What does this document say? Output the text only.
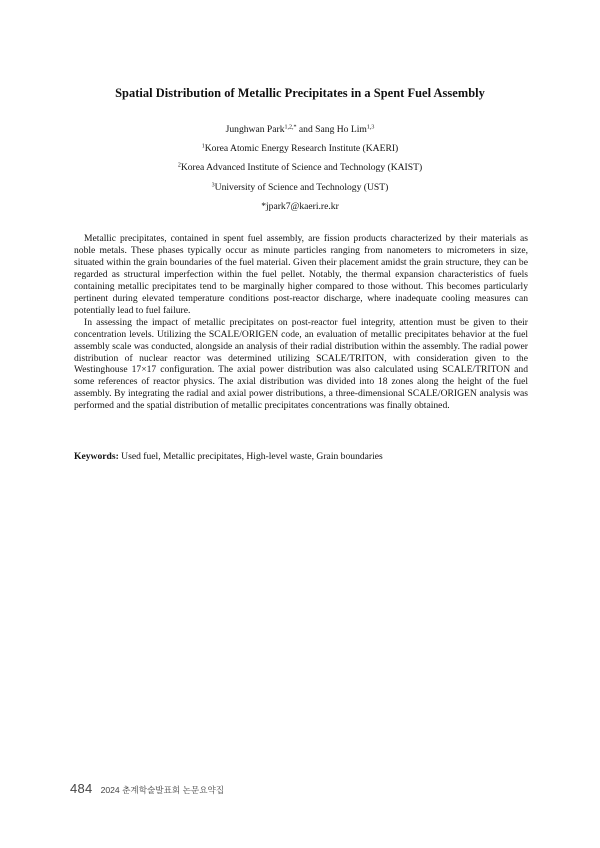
Spatial Distribution of Metallic Precipitates in a Spent Fuel Assembly
Junghwan Park$^{1,2,*}$ and Sang Ho Lim$^{1,3}$
$^1$Korea Atomic Energy Research Institute (KAERI)
$^2$Korea Advanced Institute of Science and Technology (KAIST)
$^3$University of Science and Technology (UST)
*jpark7@kaeri.re.kr

Metallic precipitates, contained in spent fuel assembly, are fission products characterized by their materials as noble metals. These phases typically occur as minute particles ranging from nanometers to micrometers in size, situated within the grain boundaries of the fuel material. Given their placement amidst the grain structure, they can be regarded as structural imperfection within the fuel pellet. Notably, the thermal expansion characteristics of fuels containing metallic precipitates tend to be marginally higher compared to those without. This becomes particularly pertinent during elevated temperature conditions post-reactor discharge, where inadequate cooling measures can potentially lead to fuel failure.

In assessing the impact of metallic precipitates on post-reactor fuel integrity, attention must be given to their concentration levels. Utilizing the SCALE/ORIGEN code, an evaluation of metallic precipitates behavior at the fuel assembly scale was conducted, alongside an analysis of their radial distribution within the assembly. The radial power distribution of nuclear reactor was determined utilizing SCALE/TRITON, with consideration given to the Westinghouse 17×17 configuration. The axial power distribution was also calculated using SCALE/TRITON and some references of reactor physics. The axial distribution was divided into 18 zones along the height of the fuel assembly. By integrating the radial and axial power distributions, a three-dimensional SCALE/ORIGEN analysis was performed and the spatial distribution of metallic precipitates concentrations was finally obtained.

Keywords: Used fuel, Metallic precipitates, High-level waste, Grain boundaries
484 2024 춘계학술발표회 논문요약집
